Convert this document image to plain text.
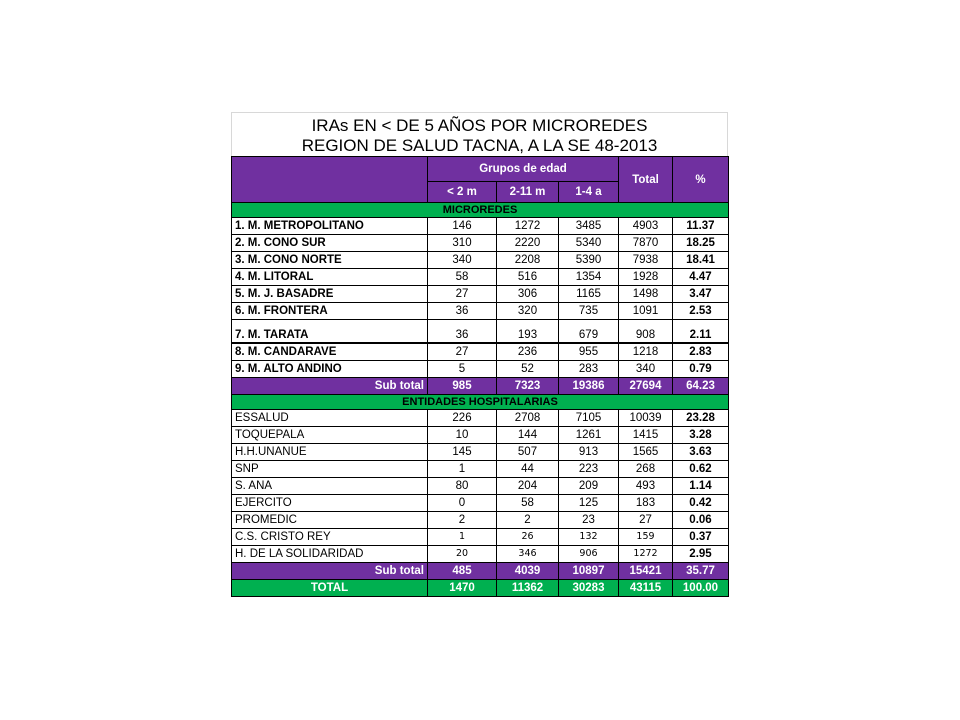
IRAs EN < DE 5 AÑOS POR MICROREDES
REGION DE SALUD TACNA, A LA SE 48-2013
	Grupos de edad			Total	%
	< 2 m	2-11 m	1-4 a		
MICROREDES					
1. M. METROPOLITANO	146	1272	3485	4903	11.37
2. M. CONO SUR	310	2220	5340	7870	18.25
3. M. CONO NORTE	340	2208	5390	7938	18.41
4. M. LITORAL	58	516	1354	1928	4.47
5. M. J. BASADRE	27	306	1165	1498	3.47
6. M. FRONTERA	36	320	735	1091	2.53
7. M. TARATA	36	193	679	908	2.11
8. M. CANDARAVE	27	236	955	1218	2.83
9. M. ALTO ANDINO	5	52	283	340	0.79
Sub total	985	7323	19386	27694	64.23
ENTIDADES HOSPITALARIAS					
ESSALUD	226	2708	7105	10039	23.28
TOQUEPALA	10	144	1261	1415	3.28
H.H.UNANUE	145	507	913	1565	3.63
SNP	1	44	223	268	0.62
S. ANA	80	204	209	493	1.14
EJERCITO	0	58	125	183	0.42
PROMEDIC	2	2	23	27	0.06
C.S. CRISTO REY	1	26	132	159	0.37
H. DE LA SOLIDARIDAD	20	346	906	1272	2.95
Sub total	485	4039	10897	15421	35.77
TOTAL	1470	11362	30283	43115	100.00
